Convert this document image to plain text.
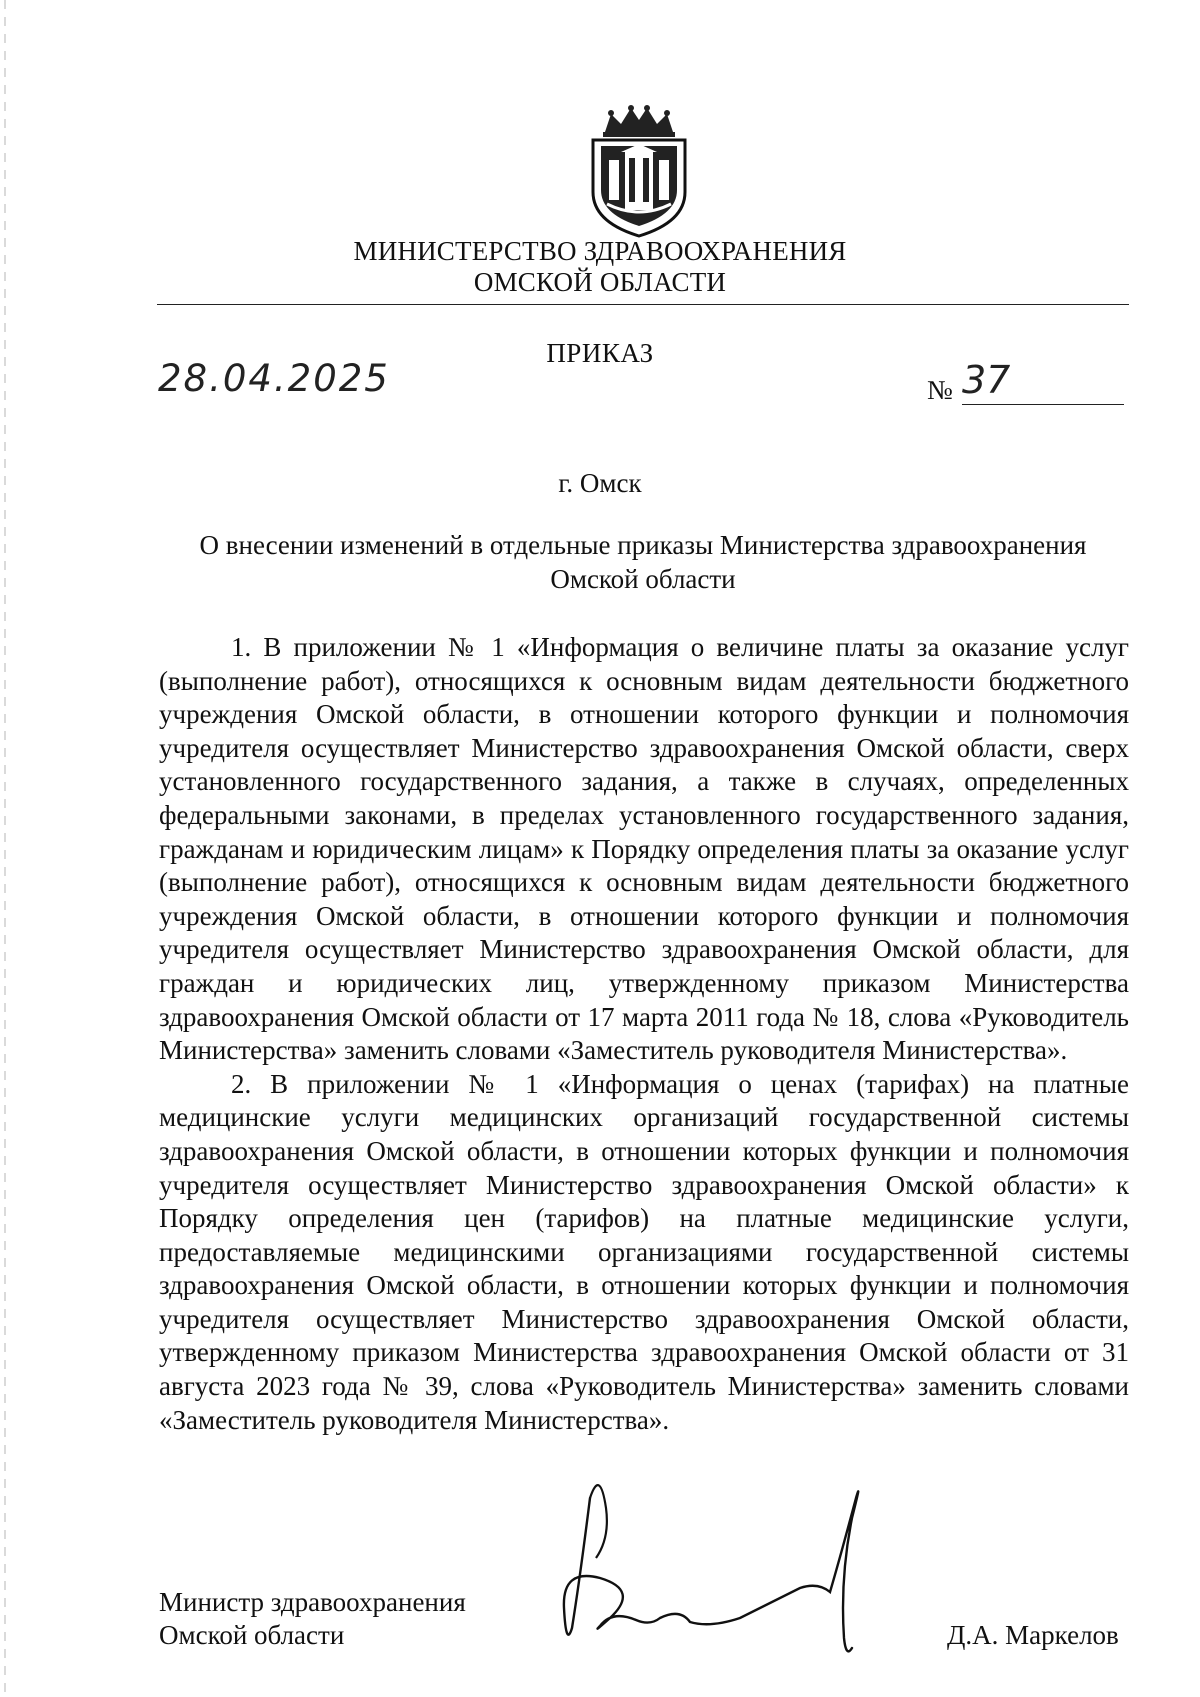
МИНИСТЕРСТВО ЗДРАВООХРАНЕНИЯ
ОМСКОЙ ОБЛАСТИ
ПРИКАЗ
28.04.2025	№ 37
г. Омск
О внесении изменений в отдельные приказы Министерства здравоохранения Омской области

1. В приложении № 1 «Информация о величине платы за оказание услуг (выполнение работ), относящихся к основным видам деятельности бюджетного учреждения Омской области, в отношении которого функции и полномочия учредителя осуществляет Министерство здравоохранения Омской области, сверх установленного государственного задания, а также в случаях, определенных федеральными законами, в пределах установленного государственного задания, гражданам и юридическим лицам» к Порядку определения платы за оказание услуг (выполнение работ), относящихся к основным видам деятельности бюджетного учреждения Омской области, в отношении которого функции и полномочия учредителя осуществляет Министерство здравоохранения Омской области, для граждан и юридических лиц, утвержденному приказом Министерства здравоохранения Омской области от 17 марта 2011 года № 18, слова «Руководитель Министерства» заменить словами «Заместитель руководителя Министерства».

2. В приложении № 1 «Информация о ценах (тарифах) на платные медицинские услуги медицинских организаций государственной системы здравоохранения Омской области, в отношении которых функции и полномочия учредителя осуществляет Министерство здравоохранения Омской области» к Порядку определения цен (тарифов) на платные медицинские услуги, предоставляемые медицинскими организациями государственной системы здравоохранения Омской области, в отношении которых функции и полномочия учредителя осуществляет Министерство здравоохранения Омской области, утвержденному приказом Министерства здравоохранения Омской области от 31 августа 2023 года № 39, слова «Руководитель Министерства» заменить словами «Заместитель руководителя Министерства».

Министр здравоохранения
Омской области	Д.А. Маркелов
